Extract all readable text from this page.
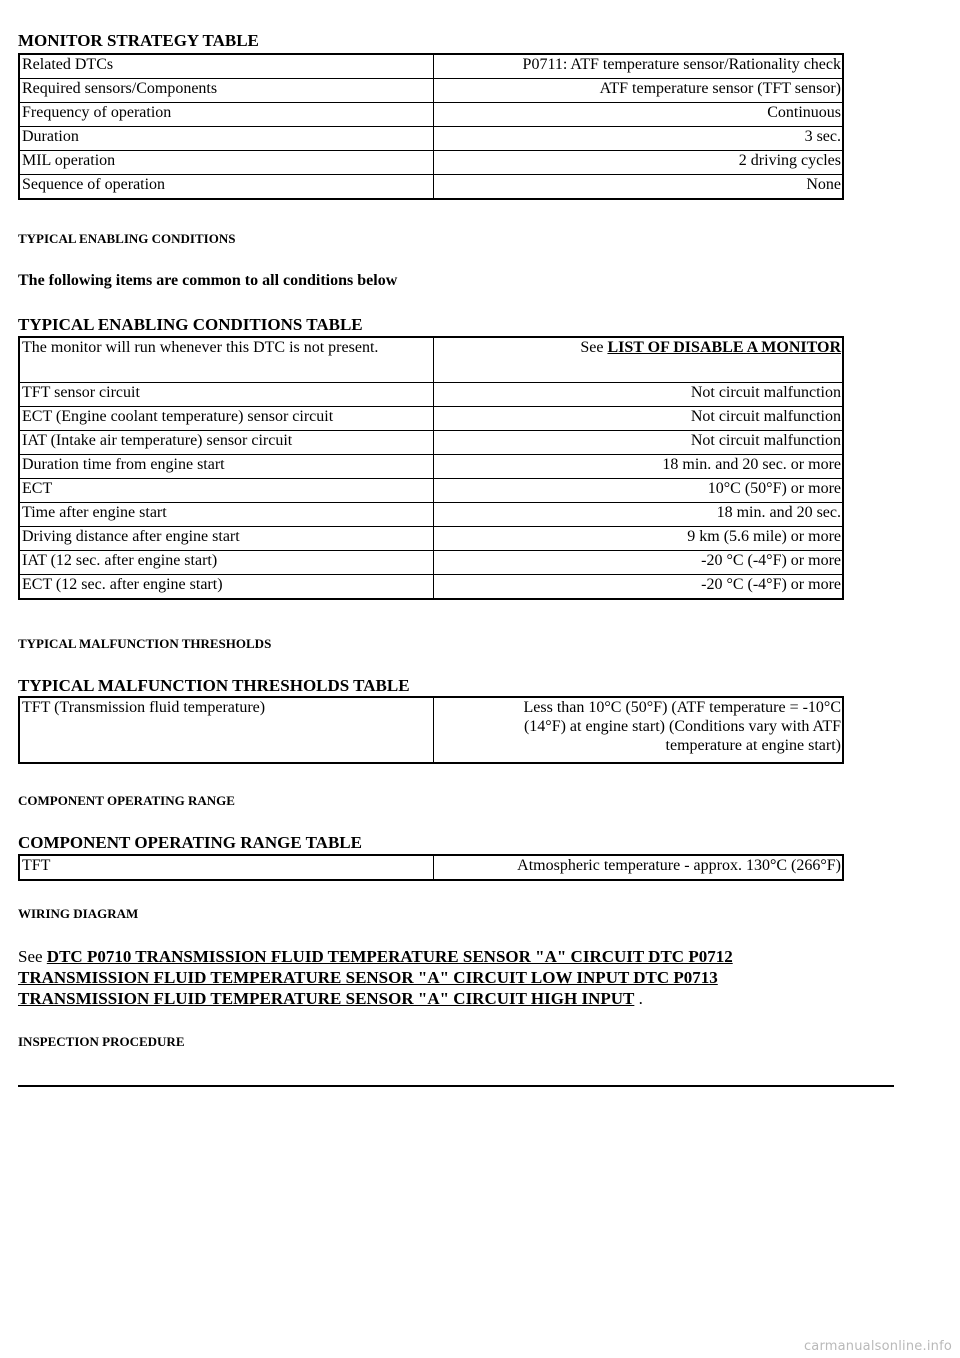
MONITOR STRATEGY TABLE
Related DTCs	P0711: ATF temperature sensor/Rationality check
Required sensors/Components	ATF temperature sensor (TFT sensor)
Frequency of operation	Continuous
Duration	3 sec.
MIL operation	2 driving cycles
Sequence of operation	None
TYPICAL ENABLING CONDITIONS

The following items are common to all conditions below

TYPICAL ENABLING CONDITIONS TABLE
The monitor will run whenever this DTC is not present.	See LIST OF DISABLE A MONITOR
TFT sensor circuit	Not circuit malfunction
ECT (Engine coolant temperature) sensor circuit	Not circuit malfunction
IAT (Intake air temperature) sensor circuit	Not circuit malfunction
Duration time from engine start	18 min. and 20 sec. or more
ECT	10°C (50°F) or more
Time after engine start	18 min. and 20 sec.
Driving distance after engine start	9 km (5.6 mile) or more
IAT (12 sec. after engine start)	-20 °C (-4°F) or more
ECT (12 sec. after engine start)	-20 °C (-4°F) or more
TYPICAL MALFUNCTION THRESHOLDS
TYPICAL MALFUNCTION THRESHOLDS TABLE
TFT (Transmission fluid temperature)	Less than 10°C (50°F) (ATF temperature = -10°C
(14°F) at engine start) (Conditions vary with ATF
temperature at engine start)
COMPONENT OPERATING RANGE
COMPONENT OPERATING RANGE TABLE
TFT	Atmospheric temperature - approx. 130°C (266°F)
WIRING DIAGRAM

See DTC P0710 TRANSMISSION FLUID TEMPERATURE SENSOR "A" CIRCUIT DTC P0712 TRANSMISSION FLUID TEMPERATURE SENSOR "A" CIRCUIT LOW INPUT DTC P0713 TRANSMISSION FLUID TEMPERATURE SENSOR "A" CIRCUIT HIGH INPUT .

INSPECTION PROCEDURE
carmanualsonline.info
